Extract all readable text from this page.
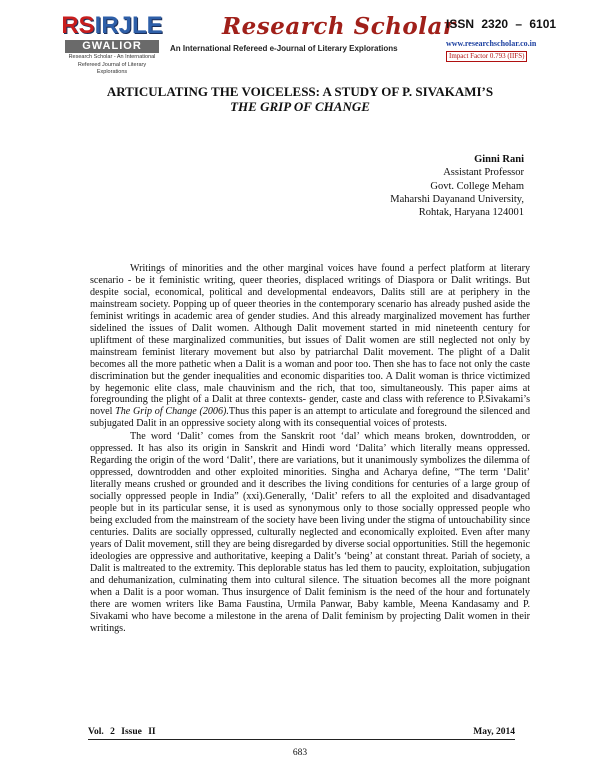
RSIRJLE
GWALIOR
Research Scholar - An International
Refereed Journal of Literary Explorations
Research Scholar
An International Refereed e-Journal of Literary Explorations
ISSN 2320 – 6101
www.researchscholar.co.in
Impact Factor 0.793 (IIFS)
ARTICULATING THE VOICELESS: A STUDY OF P. SIVAKAMI’S
THE GRIP OF CHANGE
Ginni Rani
Assistant Professor
Govt. College Meham
Maharshi Dayanand University,
Rohtak, Haryana 124001

Writings of minorities and the other marginal voices have found a perfect platform at literary scenario - be it feministic writing, queer theories, displaced writings of Diaspora or Dalit writings. But despite social, economical, political and developmental endeavors, Dalits still are at periphery in the mainstream society. Popping up of queer theories in the contemporary scenario has already pushed aside the feminist writings in academic area of gender studies. And this already marginalized movement has further sidelined the issues of Dalit women. Although Dalit movement started in mid nineteenth century for upliftment of these marginalized communities, but issues of Dalit women are still neglected not only by mainstream feminist literary movement but also by patriarchal Dalit movement. The plight of a Dalit becomes all the more pathetic when a Dalit is a woman and poor too. Then she has to face not only the caste discrimination but the gender inequalities and economic disparities too. A Dalit woman is thrice victimized by hegemonic elite class, male chauvinism and the rich, that too, simultaneously. This paper aims at foregrounding the plight of a Dalit at three contexts- gender, caste and class with reference to P.Sivakami’s novel The Grip of Change (2006).Thus this paper is an attempt to articulate and foreground the silenced and subjugated Dalit in an oppressive society along with its consequential voices of protests.

The word ‘Dalit’ comes from the Sanskrit root ‘dal’ which means broken, downtrodden, or oppressed. It has also its origin in Sanskrit and Hindi word ‘Dalita’ which literally means oppressed. Regarding the origin of the word ‘Dalit’, there are variations, but it unanimously symbolizes the dilemma of oppressed, downtrodden and other exploited minorities. Singha and Acharya define, “The term ‘Dalit’ literally means crushed or grounded and it describes the living conditions for centuries of a large group of socially oppressed people in India” (xxi).Generally, ‘Dalit’ refers to all the exploited and disadvantaged people but in its particular sense, it is used as synonymous only to those socially oppressed people who being excluded from the mainstream of the society have been living under the stigma of untouchability since centuries. Dalits are socially oppressed, culturally neglected and economically exploited. Even after many years of Dalit movement, still they are being disregarded by diverse social opportunities. Still the hegemonic ideologies are oppressive and authoritative, keeping a Dalit’s ‘being’ at constant threat. Pariah of society, a Dalit is maltreated to the extremity. This deplorable status has led them to paucity, exploitation, subjugation and dehumanization, culminating them into cultural silence. The situation becomes all the more poignant when a Dalit is a poor woman. Thus insurgence of Dalit feminism is the need of the hour and fortunately there are women writers like Bama Faustina, Urmila Panwar, Baby kamble, Meena Kandasamy and P. Sivakami who have become a milestone in the arena of Dalit feminism by projecting Dalit women in their writings.

Vol. 2 Issue II	May, 2014
683
